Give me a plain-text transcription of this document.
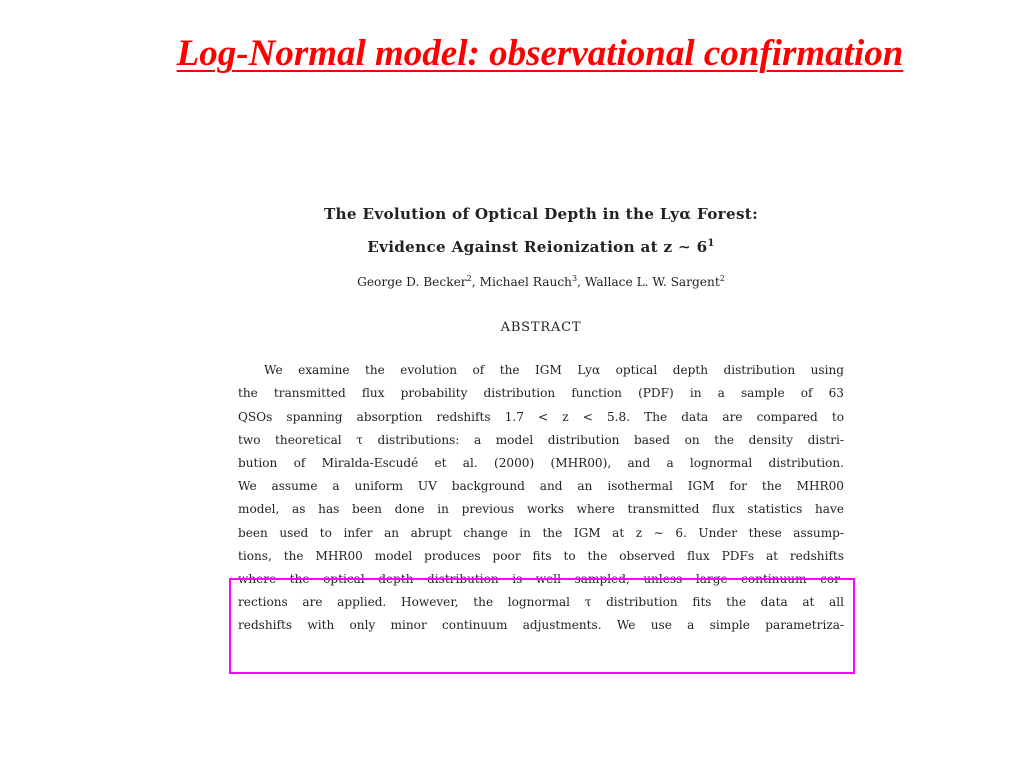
Log-Normal model: observational confirmation
The Evolution of Optical Depth in the Lyα Forest:
Evidence Against Reionization at z ∼ $6^1$
George D. Becker$^2$, Michael Rauch$^3$, Wallace L. W. Sargent$^2$
ABSTRACT
We examine the evolution of the IGM Lyα optical depth distribution using
the transmitted flux probability distribution function (PDF) in a sample of 63
QSOs spanning absorption redshifts 1.7 < z < 5.8. The data are compared to
two theoretical τ distributions: a model distribution based on the density distri-
bution of Miralda-Escudé et al. (2000) (MHR00), and a lognormal distribution.
We assume a uniform UV background and an isothermal IGM for the MHR00
model, as has been done in previous works where transmitted flux statistics have
been used to infer an abrupt change in the IGM at z ∼ 6. Under these assump-
tions, the MHR00 model produces poor fits to the observed flux PDFs at redshifts
where the optical depth distribution is well sampled, unless large continuum cor-
rections are applied. However, the lognormal τ distribution fits the data at all
redshifts with only minor continuum adjustments. We use a simple parametriza-
